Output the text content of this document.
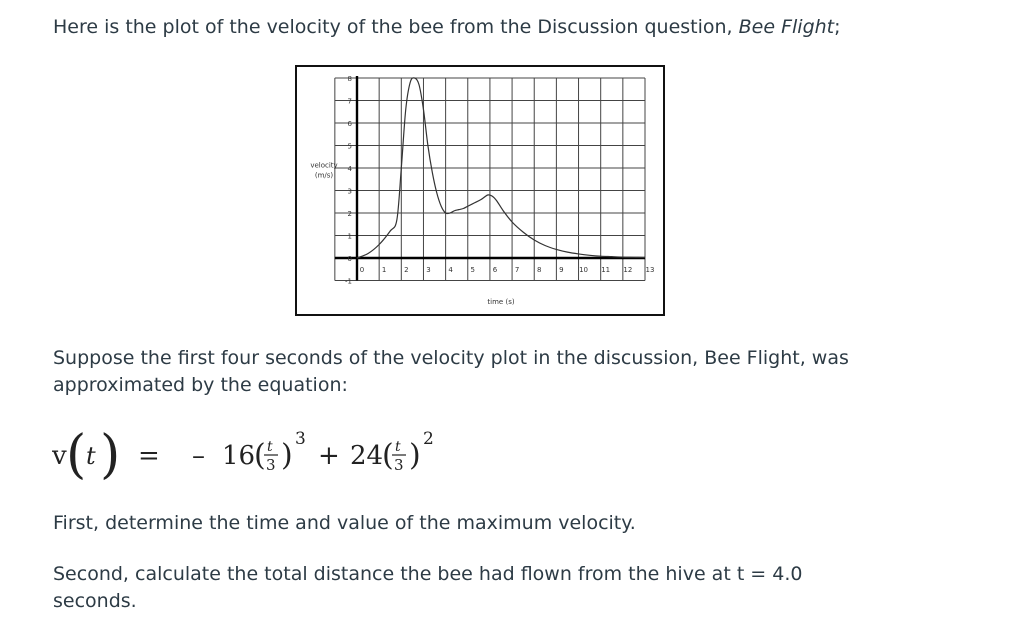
Here is the plot of the velocity of the bee from the Discussion question, Bee Flight;

-1
0
1
2
3
4
5
6
7
8
0	1	2	3	4	5	6	7	8	9 10 11 12 13
time (s)
velocity
(m/s)

Suppose the first four seconds of the velocity plot in the discussion, Bee Flight, was approximated by the equation:

v ( t ) = – 16
( t
3 ) 3
+ 24
( t
3 ) 2

First, determine the time and value of the maximum velocity.

Second, calculate the total distance the bee had flown from the hive at t = 4.0 seconds.
